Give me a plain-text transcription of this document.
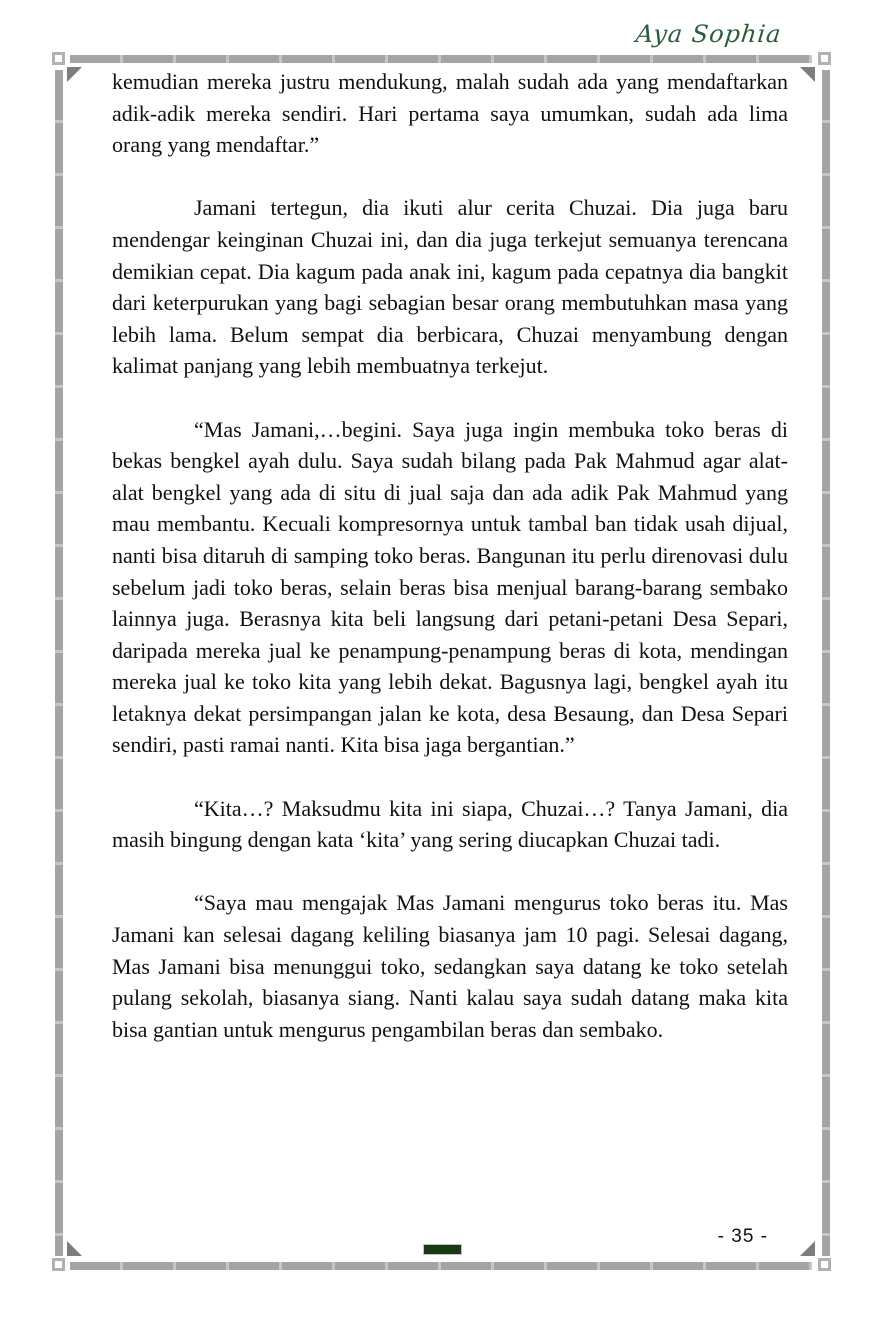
Aya Sophia

kemudian mereka justru mendukung, malah sudah ada yang mendaftarkan adik-adik mereka sendiri. Hari pertama saya umumkan, sudah ada lima orang yang mendaftar.”

Jamani tertegun, dia ikuti alur cerita Chuzai. Dia juga baru mendengar keinginan Chuzai ini, dan dia juga terkejut semuanya terencana demikian cepat. Dia kagum pada anak ini, kagum pada cepatnya dia bangkit dari keterpurukan yang bagi sebagian besar orang membutuhkan masa yang lebih lama. Belum sempat dia berbicara, Chuzai menyambung dengan kalimat panjang yang lebih membuatnya terkejut.

“Mas Jamani,…begini. Saya juga ingin membuka toko beras di bekas bengkel ayah dulu. Saya sudah bilang pada Pak Mahmud agar alat-alat bengkel yang ada di situ di jual saja dan ada adik Pak Mahmud yang mau membantu. Kecuali kompresornya untuk tambal ban tidak usah dijual, nanti bisa ditaruh di samping toko beras. Bangunan itu perlu direnovasi dulu sebelum jadi toko beras, selain beras bisa menjual barang-barang sembako lainnya juga. Berasnya kita beli langsung dari petani-petani Desa Separi, daripada mereka jual ke penampung-penampung beras di kota, mendingan mereka jual ke toko kita yang lebih dekat. Bagusnya lagi, bengkel ayah itu letaknya dekat persimpangan jalan ke kota, desa Besaung, dan Desa Separi sendiri, pasti ramai nanti. Kita bisa jaga bergantian.”

“Kita…? Maksudmu kita ini siapa, Chuzai…? Tanya Jamani, dia masih bingung dengan kata ‘kita’ yang sering diucapkan Chuzai tadi.

“Saya mau mengajak Mas Jamani mengurus toko beras itu. Mas Jamani kan selesai dagang keliling biasanya jam 10 pagi. Selesai dagang, Mas Jamani bisa menunggui toko, sedangkan saya datang ke toko setelah pulang sekolah, biasanya siang. Nanti kalau saya sudah datang maka kita bisa gantian untuk mengurus pengambilan beras dan sembako.

- 35 -
